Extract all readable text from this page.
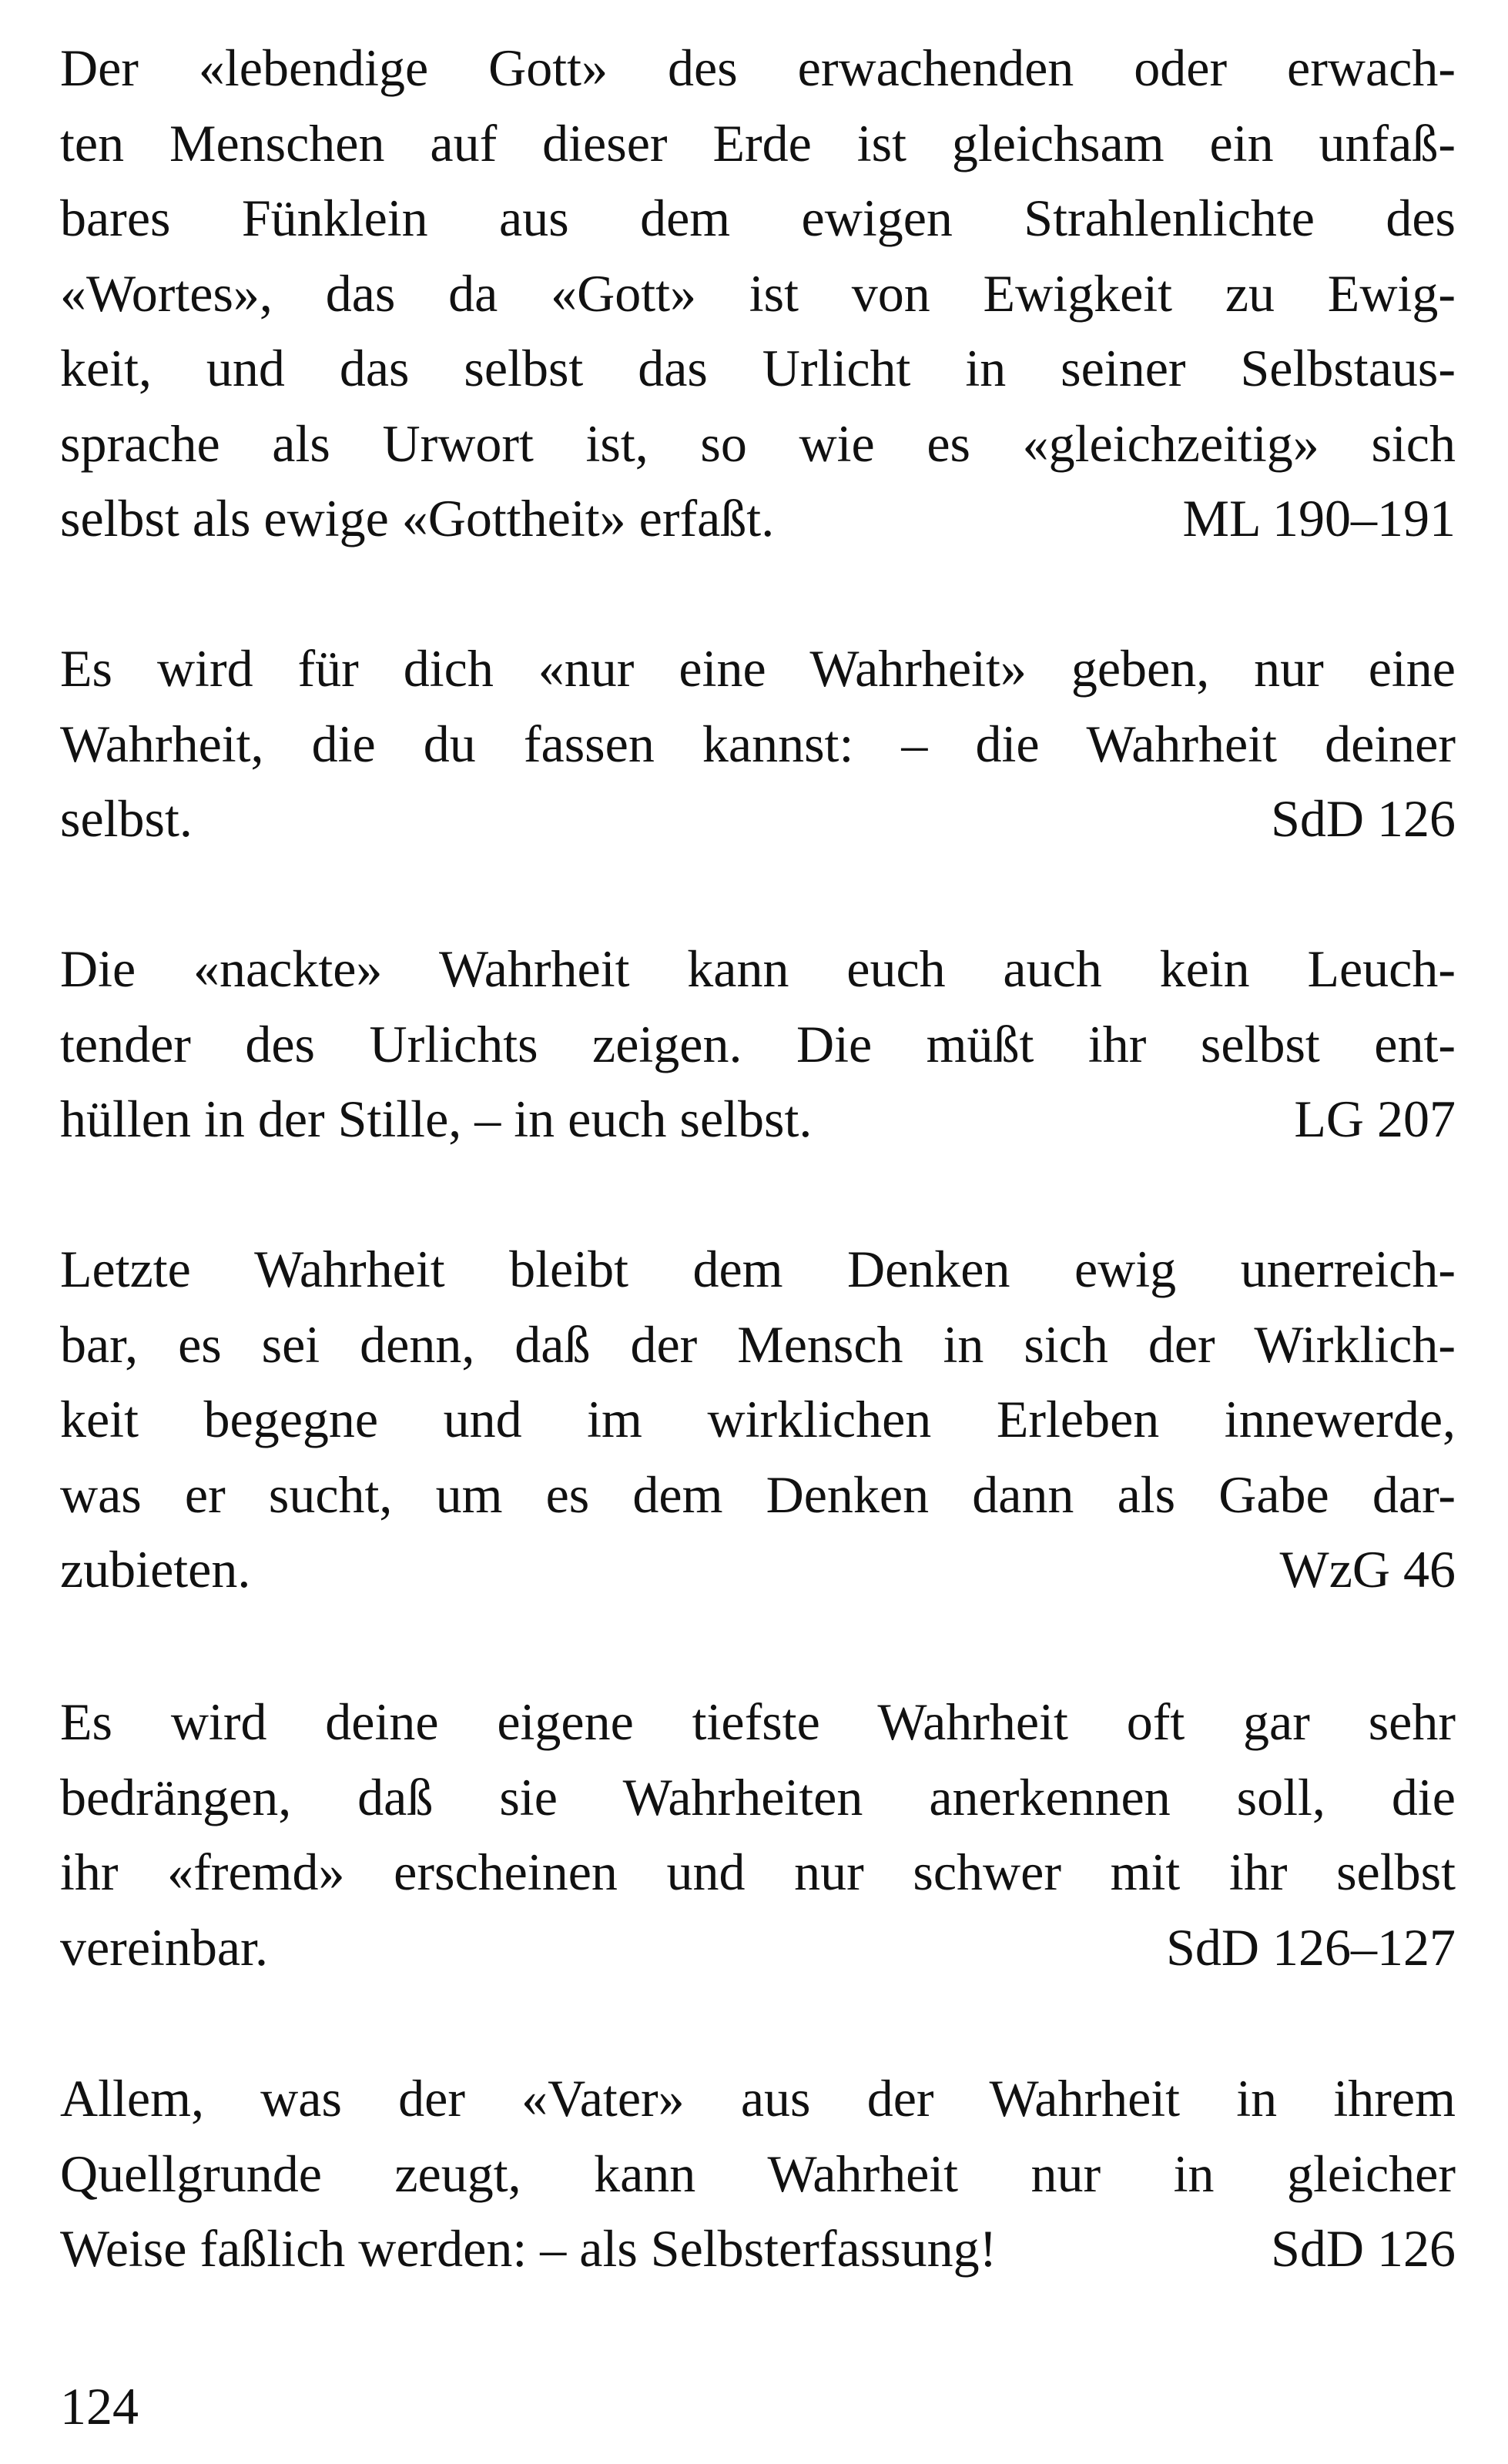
Der «lebendige Gott» des erwachenden oder erwach-
ten Menschen auf dieser Erde ist gleichsam ein unfaß-
bares Fünklein aus dem ewigen Strahlenlichte des
«Wortes», das da «Gott» ist von Ewigkeit zu Ewig-
keit, und das selbst das Urlicht in seiner Selbstaus-
sprache als Urwort ist, so wie es «gleichzeitig» sich
selbst als ewige «Gottheit» erfaßt.	ML 190–191
Es wird für dich «nur eine Wahrheit» geben, nur eine
Wahrheit, die du fassen kannst: – die Wahrheit deiner
selbst.	SdD 126
Die «nackte» Wahrheit kann euch auch kein Leuch-
tender des Urlichts zeigen. Die müßt ihr selbst ent-
hüllen in der Stille, – in euch selbst.	LG 207
Letzte Wahrheit bleibt dem Denken ewig unerreich-
bar, es sei denn, daß der Mensch in sich der Wirklich-
keit begegne und im wirklichen Erleben innewerde,
was er sucht, um es dem Denken dann als Gabe dar-
zubieten.	WzG 46
Es wird deine eigene tiefste Wahrheit oft gar sehr
bedrängen, daß sie Wahrheiten anerkennen soll, die
ihr «fremd» erscheinen und nur schwer mit ihr selbst
vereinbar.	SdD 126–127
Allem, was der «Vater» aus der Wahrheit in ihrem
Quellgrunde zeugt, kann Wahrheit nur in gleicher
Weise faßlich werden: – als Selbsterfassung!	SdD 126
124
